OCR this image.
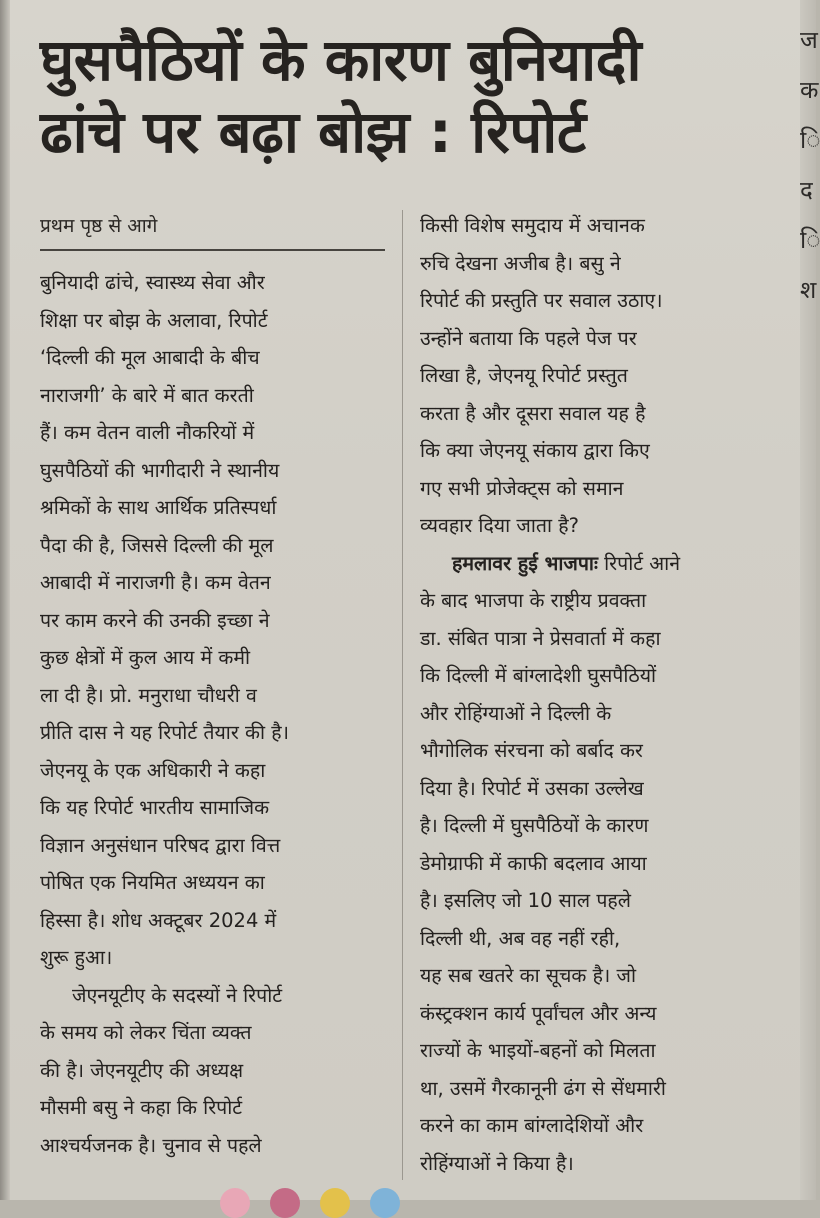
ज
क
ि
द
ि
श
घुसपैठियों के कारण बुनियादी
ढांचे पर बढ़ा बोझ : रिपोर्ट
प्रथम पृष्ठ से आगे
बुनियादी ढांचे, स्वास्थ्य सेवा और
शिक्षा पर बोझ के अलावा, रिपोर्ट
‘दिल्ली की मूल आबादी के बीच
नाराजगी’ के बारे में बात करती
हैं। कम वेतन वाली नौकरियों में
घुसपैठियों की भागीदारी ने स्थानीय
श्रमिकों के साथ आर्थिक प्रतिस्पर्धा
पैदा की है, जिससे दिल्ली की मूल
आबादी में नाराजगी है। कम वेतन
पर काम करने की उनकी इच्छा ने
कुछ क्षेत्रों में कुल आय में कमी
ला दी है। प्रो. मनुराधा चौधरी व
प्रीति दास ने यह रिपोर्ट तैयार की है।
जेएनयू के एक अधिकारी ने कहा
कि यह रिपोर्ट भारतीय सामाजिक
विज्ञान अनुसंधान परिषद द्वारा वित्त
पोषित एक नियमित अध्ययन का
हिस्सा है। शोध अक्टूबर 2024 में
शुरू हुआ।
जेएनयूटीए के सदस्यों ने रिपोर्ट
के समय को लेकर चिंता व्यक्त
की है। जेएनयूटीए की अध्यक्ष
मौसमी बसु ने कहा कि रिपोर्ट
आश्चर्यजनक है। चुनाव से पहले
किसी विशेष समुदाय में अचानक
रुचि देखना अजीब है। बसु ने
रिपोर्ट की प्रस्तुति पर सवाल उठाए।
उन्होंने बताया कि पहले पेज पर
लिखा है, जेएनयू रिपोर्ट प्रस्तुत
करता है और दूसरा सवाल यह है
कि क्या जेएनयू संकाय द्वारा किए
गए सभी प्रोजेक्ट्स को समान
व्यवहार दिया जाता है?
हमलावर हुई भाजपाः रिपोर्ट आने
के बाद भाजपा के राष्ट्रीय प्रवक्ता
डा. संबित पात्रा ने प्रेसवार्ता में कहा
कि दिल्ली में बांग्लादेशी घुसपैठियों
और रोहिंग्याओं ने दिल्ली के
भौगोलिक संरचना को बर्बाद कर
दिया है। रिपोर्ट में उसका उल्लेख
है। दिल्ली में घुसपैठियों के कारण
डेमोग्राफी में काफी बदलाव आया
है। इसलिए जो 10 साल पहले
दिल्ली थी, अब वह नहीं रही,
यह सब खतरे का सूचक है। जो
कंस्ट्रक्शन कार्य पूर्वांचल और अन्य
राज्यों के भाइयों-बहनों को मिलता
था, उसमें गैरकानूनी ढंग से सेंधमारी
करने का काम बांग्लादेशियों और
रोहिंग्याओं ने किया है।
